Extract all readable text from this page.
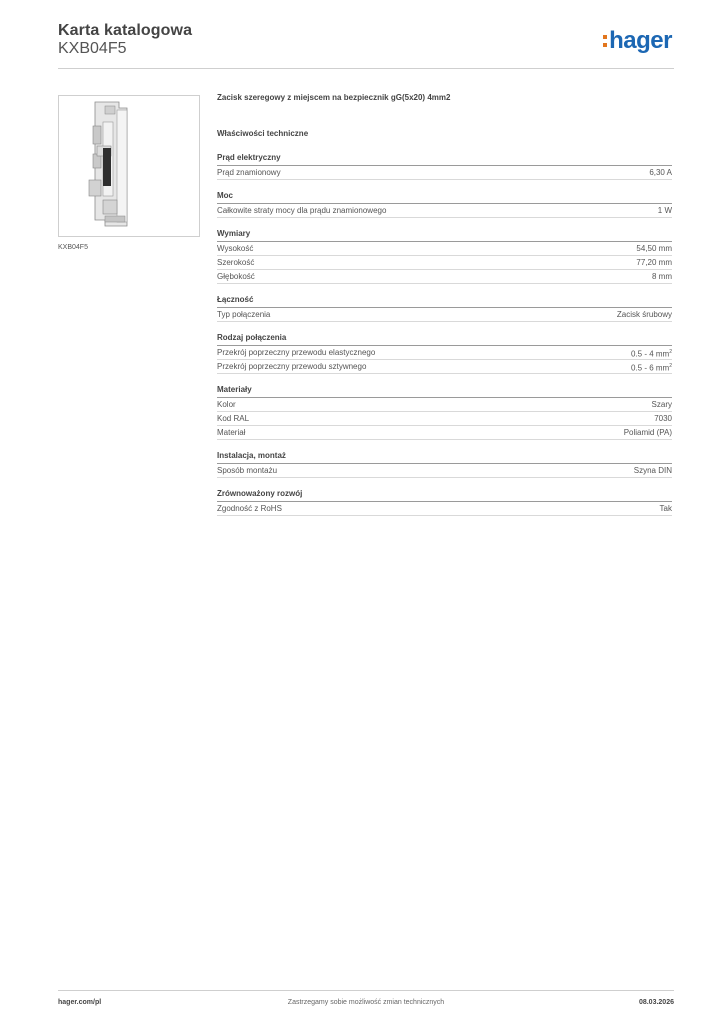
Karta katalogowa
KXB04F5	hager
KXB04F5
Zacisk szeregowy z miejscem na bezpiecznik gG(5x20) 4mm2
Właściwości techniczne
Prąd elektryczny
Prąd znamionowy	6,30 A
Moc
Całkowite straty mocy dla prądu znamionowego	1 W
Wymiary
Wysokość	54,50 mm
Szerokość	77,20 mm
Głębokość	8 mm
Łączność
Typ połączenia	Zacisk śrubowy
Rodzaj połączenia
Przekrój poprzeczny przewodu elastycznego	0.5 - 4 $mm^2$
Przekrój poprzeczny przewodu sztywnego	0.5 - 6 $mm^2$
Materiały
Kolor	Szary
Kod RAL	7030
Materiał	Poliamid (PA)
Instalacja, montaż
Sposób montażu	Szyna DIN
Zrównoważony rozwój
Zgodność z RoHS	Tak
hager.com/pl	Zastrzegamy sobie możliwość zmian technicznych	08.03.2026
